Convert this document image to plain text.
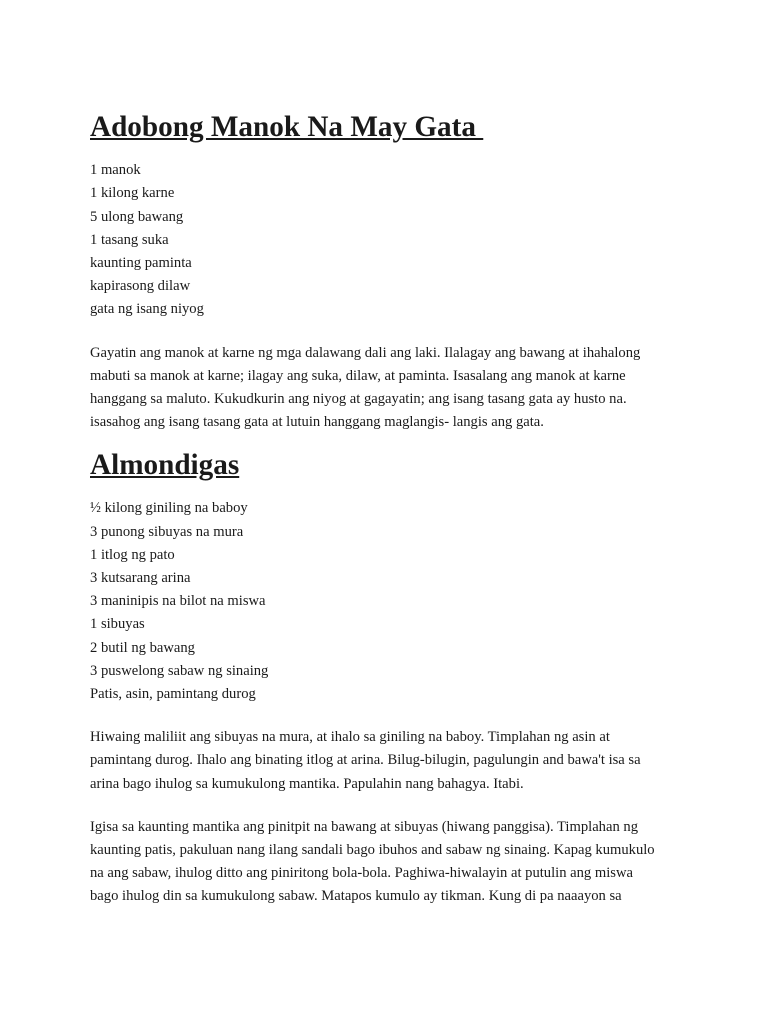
Adobong Manok Na May Gata
1 manok
1 kilong karne
5 ulong bawang
1 tasang suka
kaunting paminta
kapirasong dilaw
gata ng isang niyog
Gayatin ang manok at karne ng mga dalawang dali ang laki. Ilalagay ang bawang at ihahalong
mabuti sa manok at karne; ilagay ang suka, dilaw, at paminta. Isasalang ang manok at karne
hanggang sa maluto. Kukudkurin ang niyog at gagayatin; ang isang tasang gata ay husto na.
isasahog ang isang tasang gata at lutuin hanggang maglangis- langis ang gata.
Almondigas
½ kilong giniling na baboy
3 punong sibuyas na mura
1 itlog ng pato
3 kutsarang arina
3 maninipis na bilot na miswa
1 sibuyas
2 butil ng bawang
3 puswelong sabaw ng sinaing
Patis, asin, pamintang durog
Hiwaing maliliit ang sibuyas na mura, at ihalo sa giniling na baboy. Timplahan ng asin at
pamintang durog. Ihalo ang binating itlog at arina. Bilug-bilugin, pagulungin and bawa't isa sa
arina bago ihulog sa kumukulong mantika. Papulahin nang bahagya. Itabi.
Igisa sa kaunting mantika ang pinitpit na bawang at sibuyas (hiwang panggisa). Timplahan ng
kaunting patis, pakuluan nang ilang sandali bago ibuhos and sabaw ng sinaing. Kapag kumukulo
na ang sabaw, ihulog ditto ang piniritong bola-bola. Paghiwa-hiwalayin at putulin ang miswa
bago ihulog din sa kumukulong sabaw. Matapos kumulo ay tikman. Kung di pa naaayon sa
